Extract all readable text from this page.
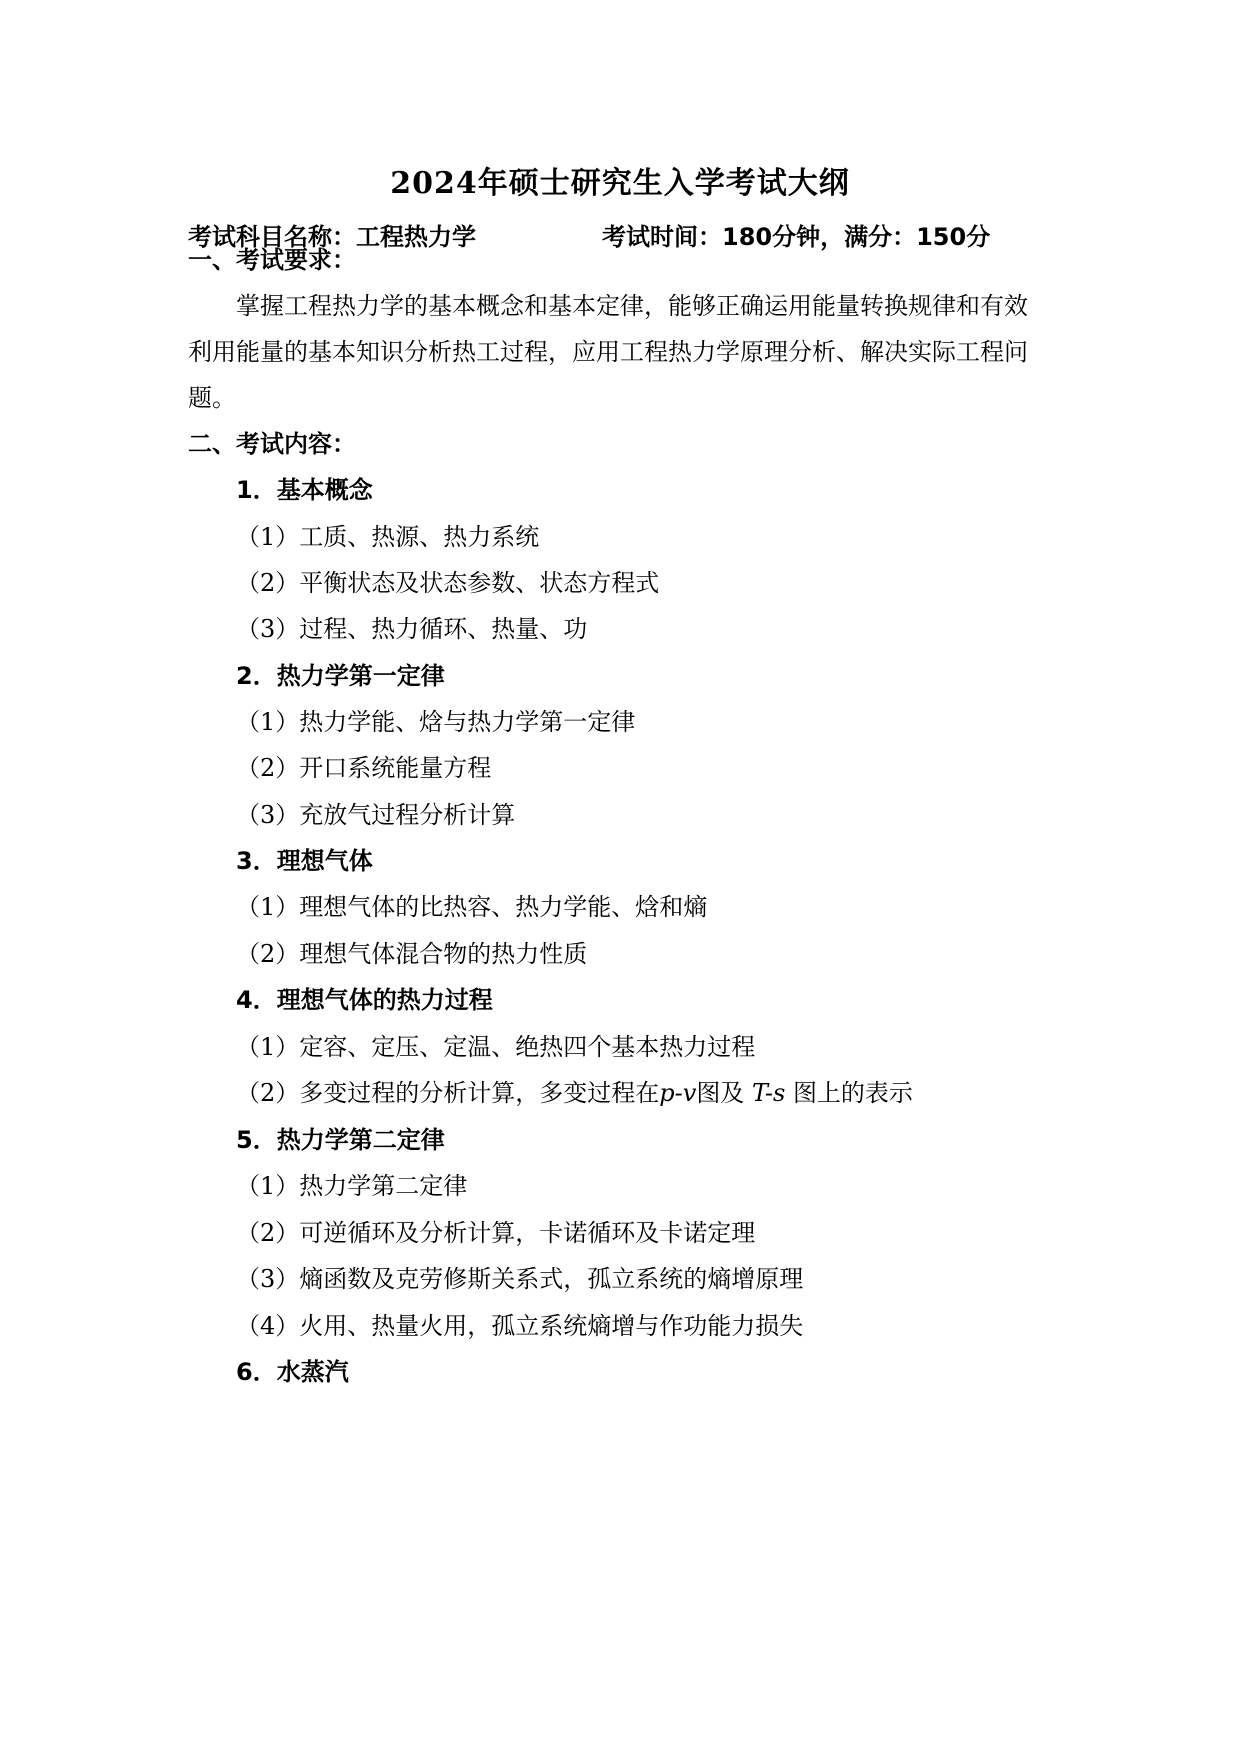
2024年硕士研究生入学考试大纲
考试科目名称：工程热力学	考试时间：180分钟，满分：150分
一、考试要求：
掌握工程热力学的基本概念和基本定律，能够正确运用能量转换规律和有效
利用能量的基本知识分析热工过程，应用工程热力学原理分析、解决实际工程问
题。
二、考试内容：
1．基本概念
（1）工质、热源、热力系统
（2）平衡状态及状态参数、状态方程式
（3）过程、热力循环、热量、功
2．热力学第一定律
（1）热力学能、焓与热力学第一定律
（2）开口系统能量方程
（3）充放气过程分析计算
3．理想气体
（1）理想气体的比热容、热力学能、焓和熵
（2）理想气体混合物的热力性质
4．理想气体的热力过程
（1）定容、定压、定温、绝热四个基本热力过程
（2）多变过程的分析计算，多变过程在p-v图及 T-s 图上的表示
5．热力学第二定律
（1）热力学第二定律
（2）可逆循环及分析计算，卡诺循环及卡诺定理
（3）熵函数及克劳修斯关系式，孤立系统的熵增原理
（4）火用、热量火用，孤立系统熵增与作功能力损失
6．水蒸汽
